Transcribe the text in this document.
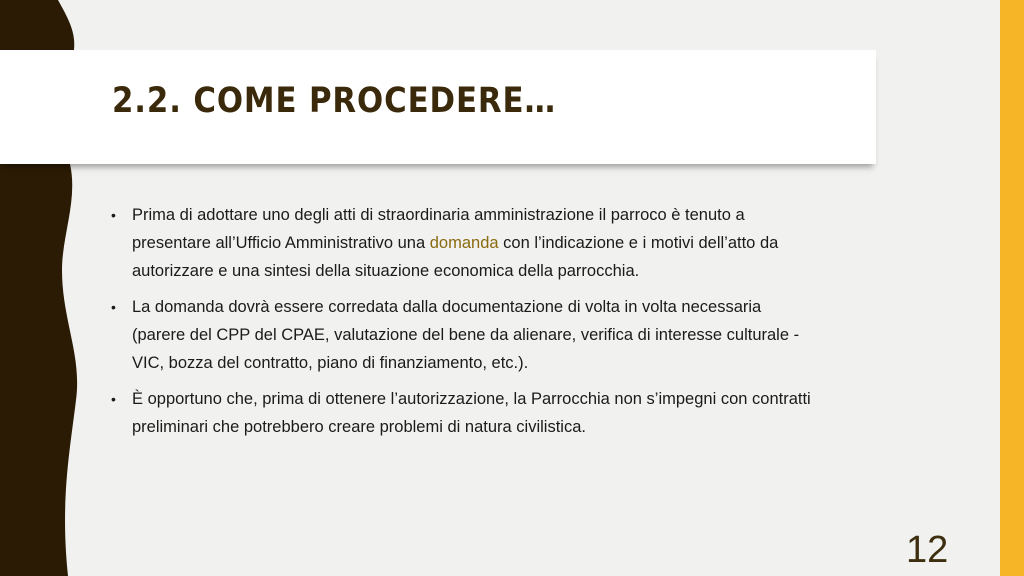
2.2. COME PROCEDERE…
• Prima di adottare uno degli atti di straordinaria amministrazione il parroco è tenuto a presentare all’Ufficio Amministrativo una domanda con l’indicazione e i motivi dell’atto da autorizzare e una sintesi della situazione economica della parrocchia.
• La domanda dovrà essere corredata dalla documentazione di volta in volta necessaria (parere del CPP del CPAE, valutazione del bene da alienare, verifica di interesse culturale - VIC, bozza del contratto, piano di finanziamento, etc.).
• È opportuno che, prima di ottenere l’autorizzazione, la Parrocchia non s’impegni con contratti preliminari che potrebbero creare problemi di natura civilistica.
12
